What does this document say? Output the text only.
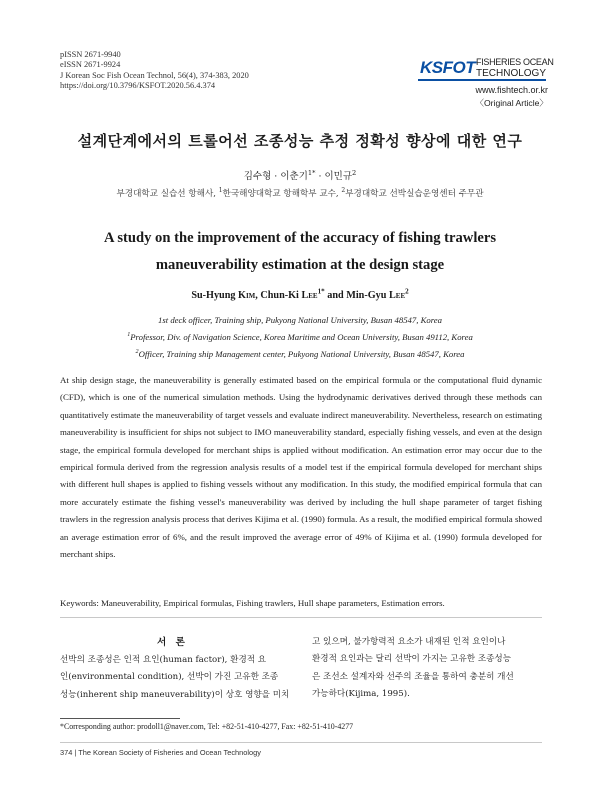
pISSN 2671-9940
eISSN 2671-9924
J Korean Soc Fish Ocean Technol, 56(4), 374-383, 2020
https://doi.org/10.3796/KSFOT.2020.56.4.374
KSFOT FISHERIES OCEAN
TECHNOLOGY
www.fishtech.or.kr
〈Original Article〉
설계단계에서의 트롤어선 조종성능 추정 정확성 향상에 대한 연구
김수형 · 이춘기$^{1*}$ · 이민규$^2$
부경대학교 실습선 항해사, $^1$한국해양대학교 항해학부 교수, $^2$부경대학교 선박실습운영센터 주무관
A study on the improvement of the accuracy of fishing trawlers
maneuverability estimation at the design stage
Su-Hyung Kim, Chun-Ki Lee$^{1*}$ and Min-Gyu Lee$^2$
1st deck officer, Training ship, Pukyong National University, Busan 48547, Korea
$^1$Professor, Div. of Navigation Science, Korea Maritime and Ocean University, Busan 49112, Korea
$^2$Officer, Training ship Management center, Pukyong National University, Busan 48547, Korea
At ship design stage, the maneuverability is generally estimated based on the empirical formula or the computational fluid dynamic (CFD), which is one of the numerical simulation methods. Using the hydrodynamic derivatives derived through these methods can quantitatively estimate the maneuverability of target vessels and evaluate indirect maneuverability. Nevertheless, research on estimating maneuverability is insufficient for ships not subject to IMO maneuverability standard, especially fishing vessels, and even at the design stage, the empirical formula developed for merchant ships is applied without modification. An estimation error may occur due to the empirical formula derived from the regression analysis results of a model test if the empirical formula developed for merchant ships with different hull shapes is applied to fishing vessels without any modification. In this study, the modified empirical formula that can more accurately estimate the fishing vessel's maneuverability was derived by including the hull shape parameter of target fishing trawlers in the regression analysis process that derives Kijima et al. (1990) formula. As a result, the modified empirical formula showed an average estimation error of 6%, and the result improved the average error of 49% of Kijima et al. (1990) formula developed for merchant ships.
Keywords: Maneuverability, Empirical formulas, Fishing trawlers, Hull shape parameters, Estimation errors.
서 론
선박의 조종성은 인적 요인(human factor), 환경적 요
인(environmental condition), 선박이 가진 고유한 조종
성능(inherent ship maneuverability)이 상호 영향을 미치
고 있으며, 불가항력적 요소가 내재된 인적 요인이나
환경적 요인과는 달리 선박이 가지는 고유한 조종성능
은 조선소 설계자와 선주의 조율을 통하여 충분히 개선
가능하다(Kijima, 1995).
*Corresponding author: prodoll1@naver.com, Tel: +82-51-410-4277, Fax: +82-51-410-4277
374 | The Korean Society of Fisheries and Ocean Technology
